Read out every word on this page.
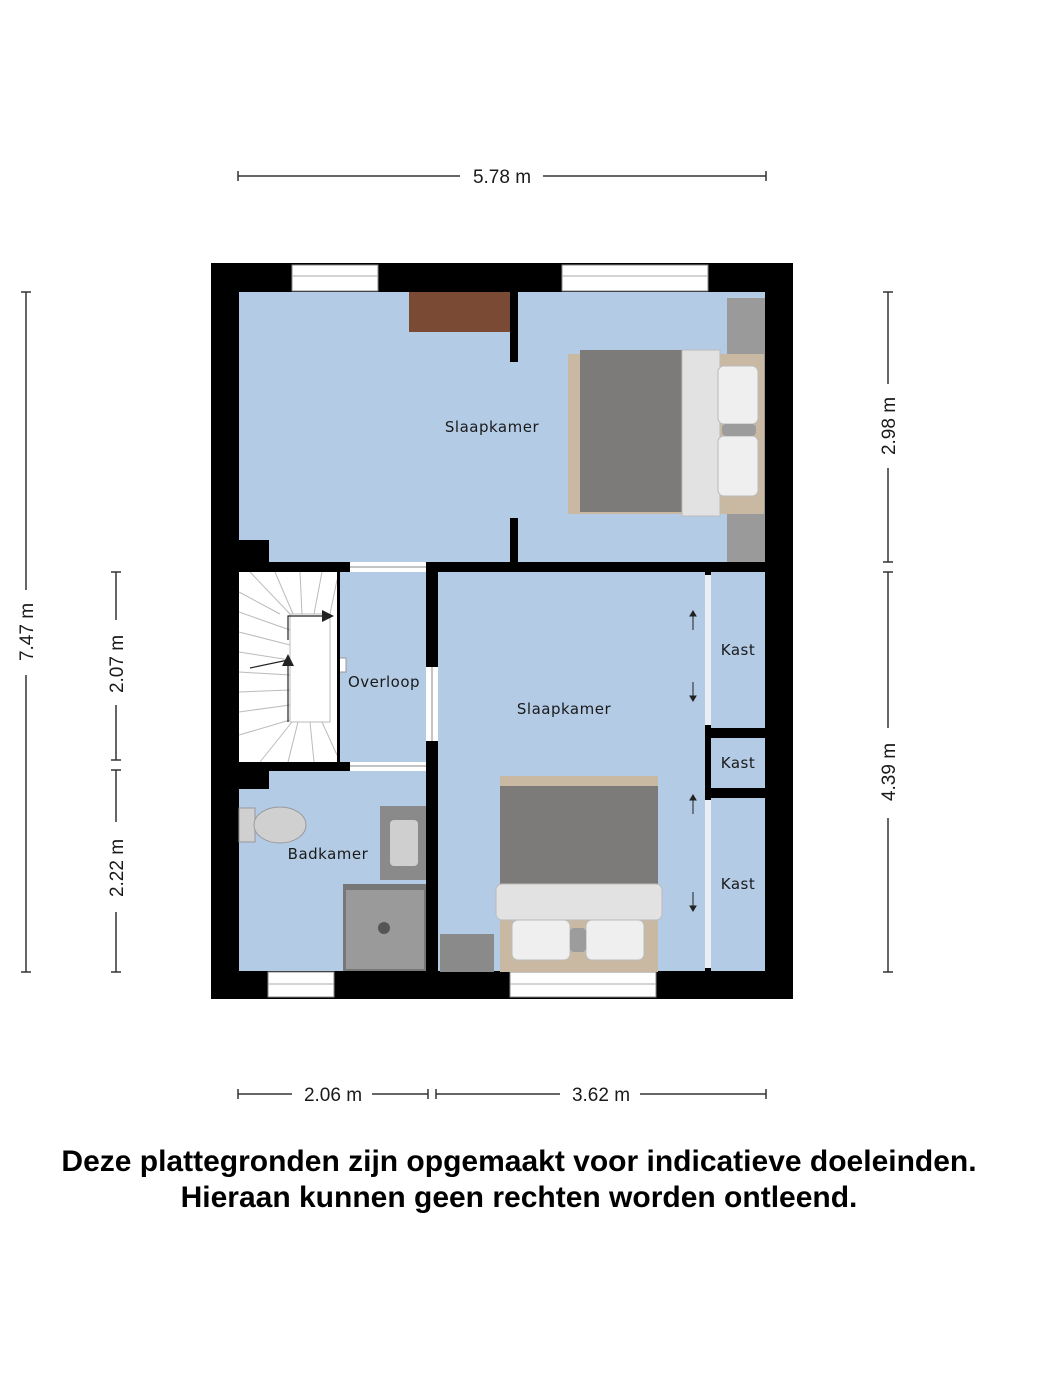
5.78 m
7.47 m
2.07 m
2.22 m
2.98 m
4.39 m
2.06 m	3.62 m
Slaapkamer
Slaapkamer
Overloop
Badkamer
Kast
Kast
Kast
Deze plattegronden zijn opgemaakt voor indicatieve doeleinden.
Hieraan kunnen geen rechten worden ontleend.
